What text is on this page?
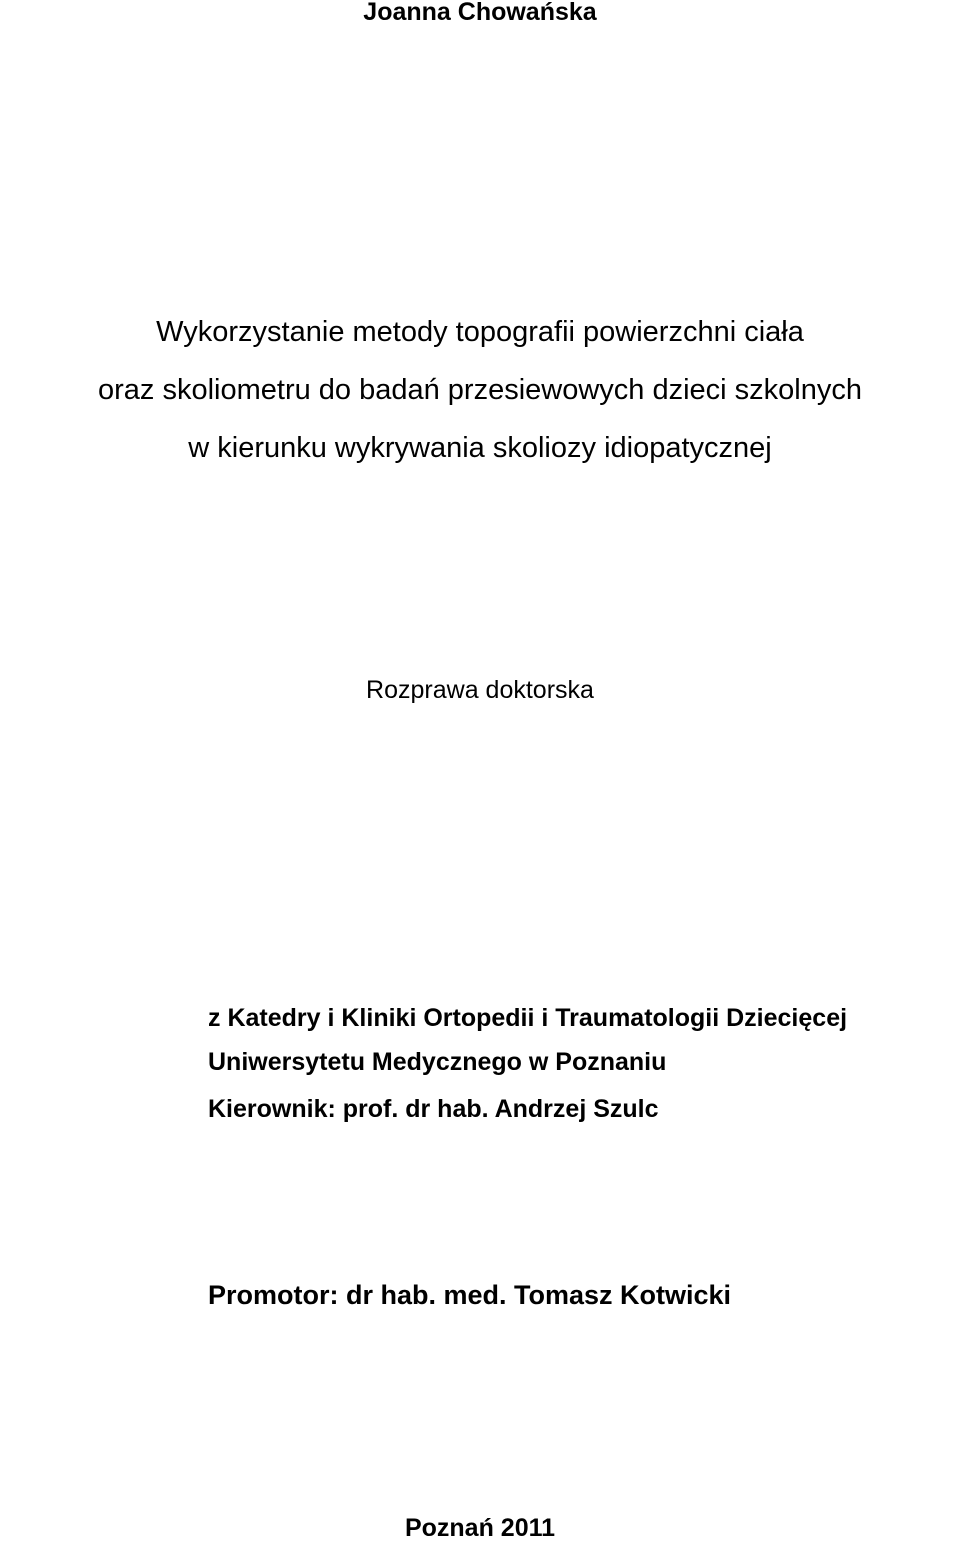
Joanna Chowańska
Wykorzystanie metody topografii powierzchni ciała
oraz skoliometru do badań przesiewowych dzieci szkolnych
w kierunku wykrywania skoliozy idiopatycznej
Rozprawa doktorska
z Katedry i Kliniki Ortopedii i Traumatologii Dziecięcej
Uniwersytetu Medycznego w Poznaniu
Kierownik: prof. dr hab. Andrzej Szulc
Promotor: dr hab. med. Tomasz Kotwicki
Poznań 2011
